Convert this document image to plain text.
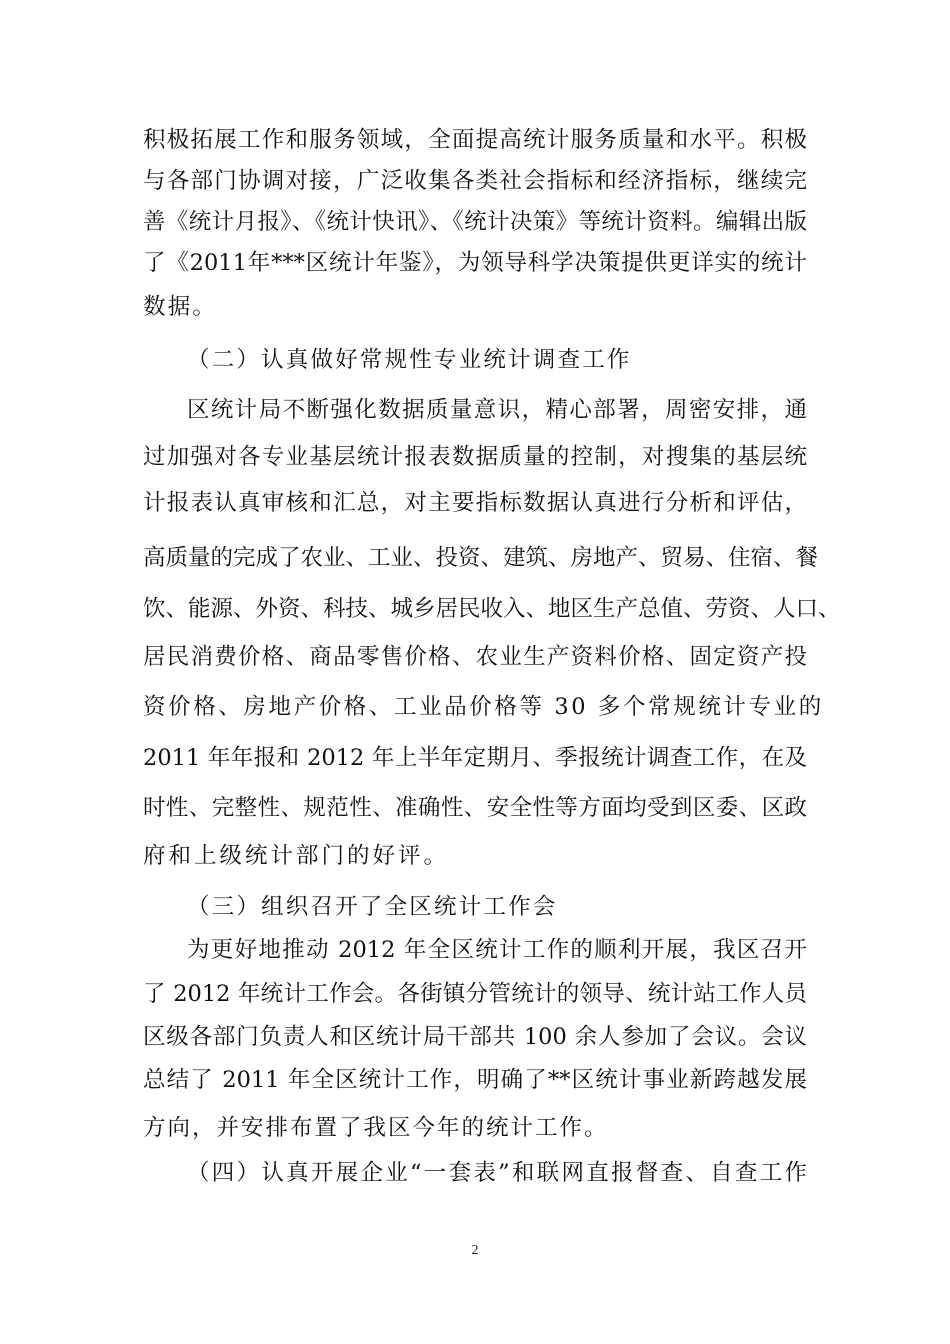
积极拓展工作和服务领域，全面提高统计服务质量和水平。积极
与各部门协调对接，广泛收集各类社会指标和经济指标，继续完
善《统计月报》、《统计快讯》、《统计决策》等统计资料。编辑出版
了《2011年***区统计年鉴》，为领导科学决策提供更详实的统计
数据。
（二）认真做好常规性专业统计调查工作
区统计局不断强化数据质量意识，精心部署，周密安排，通
过加强对各专业基层统计报表数据质量的控制，对搜集的基层统
计报表认真审核和汇总，对主要指标数据认真进行分析和评估，
高质量的完成了农业、工业、投资、建筑、房地产、贸易、住宿、餐
饮、能源、外资、科技、城乡居民收入、地区生产总值、劳资、人口、
居民消费价格、商品零售价格、农业生产资料价格、固定资产投
资价格、房地产价格、工业品价格等 30 多个常规统计专业的
2011 年年报和 2012 年上半年定期月、季报统计调查工作，在及
时性、完整性、规范性、准确性、安全性等方面均受到区委、区政
府和上级统计部门的好评。
（三）组织召开了全区统计工作会
为更好地推动 2012 年全区统计工作的顺利开展，我区召开
了 2012 年统计工作会。各街镇分管统计的领导、统计站工作人员
区级各部门负责人和区统计局干部共 100 余人参加了会议。会议
总结了 2011 年全区统计工作，明确了**区统计事业新跨越发展
方向，并安排布置了我区今年的统计工作。
（四）认真开展企业“一套表”和联网直报督查、自查工作
2
